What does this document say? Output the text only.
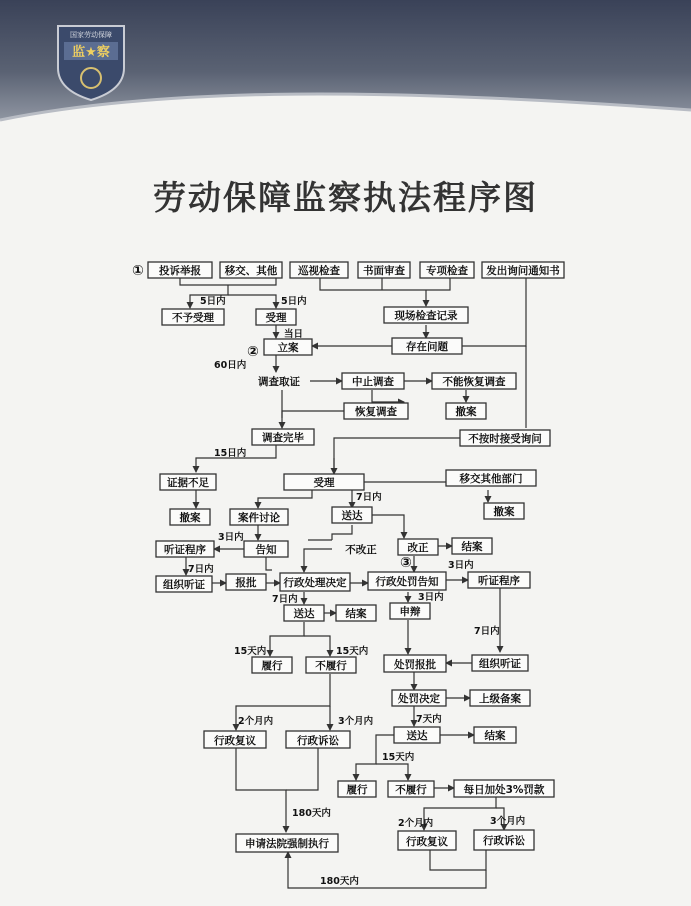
国家劳动保障
监★察
劳动保障监察执法程序图
①
②
③
投诉举报 移交、其他 巡视检查 书面审查 专项检查 发出询问通知书
不予受理	受理	现场检查记录
立案	存在问题
调查取证	中止调查	不能恢复调查
恢复调查	撤案
调查完毕	不按时接受询问
证据不足	受理	移交其他部门
撤案	案件讨论	送达	撤案
听证程序	告知	不改正	改正	结案
组织听证	报批	行政处理决定	行政处罚告知	听证程序
送达	结案	申辩
履行	不履行	处罚报批	组织听证
处罚决定	上级备案
行政复议	行政诉讼	送达	结案
履行	不履行	每日加处3%罚款
申请法院强制执行	行政复议	行政诉讼
5日内	5日内
当日
60日内
15日内
7日内
3日内
7日内	3日内
7日内	3日内
7日内
15天内	15天内
2个月内	3个月内	7天内
15天内
180天内
2个月内	3个月内
180天内
